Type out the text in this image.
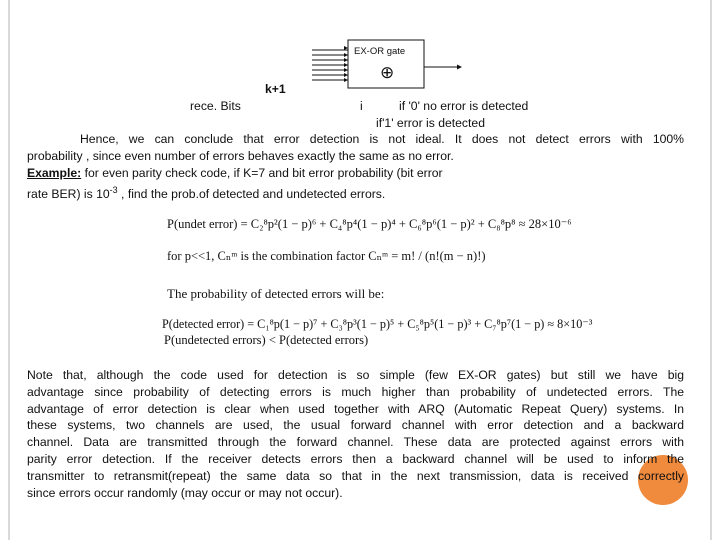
EX-OR gate
⊕
k+1
rece. Bits	i	if '0' no error is detected
if'1' error is detected
Hence, we can conclude that error detection is not ideal. It does not detect errors with 100%
probability , since even number of errors behaves exactly the same as no error.
Example: for even parity check code, if K=7 and bit error probability (bit error
rate BER) is $10^{-3}$ , find the prob.of detected and undetected errors.
P(undet error) = C₂⁸p²(1 − p)⁶ + C₄⁸p⁴(1 − p)⁴ + C₆⁸p⁶(1 − p)² + C₈⁸p⁸ ≈ 28×10⁻⁶
for p<<1, Cₙᵐ is the combination factor Cₙᵐ = m! / (n!(m − n)!)
The probability of detected errors will be:
P(detected error) = C₁⁸p(1 − p)⁷ + C₃⁸p³(1 − p)⁵ + C₅⁸p⁵(1 − p)³ + C₇⁸p⁷(1 − p) ≈ 8×10⁻³
P(undetected errors) < P(detected errors)
Note that, although the code used for detection is so simple (few EX-OR gates) but still we have big
advantage since probability of detecting errors is much higher than probability of undetected errors. The
advantage of error detection is clear when used together with ARQ (Automatic Repeat Query) systems. In
these systems, two channels are used, the usual forward channel with error detection and a backward
channel. Data are transmitted through the forward channel. These data are protected against errors with
parity error detection. If the receiver detects errors then a backward channel will be used to inform the
transmitter to retransmit(repeat) the same data so that in the next transmission, data is received correctly
since errors occur randomly (may occur or may not occur).
